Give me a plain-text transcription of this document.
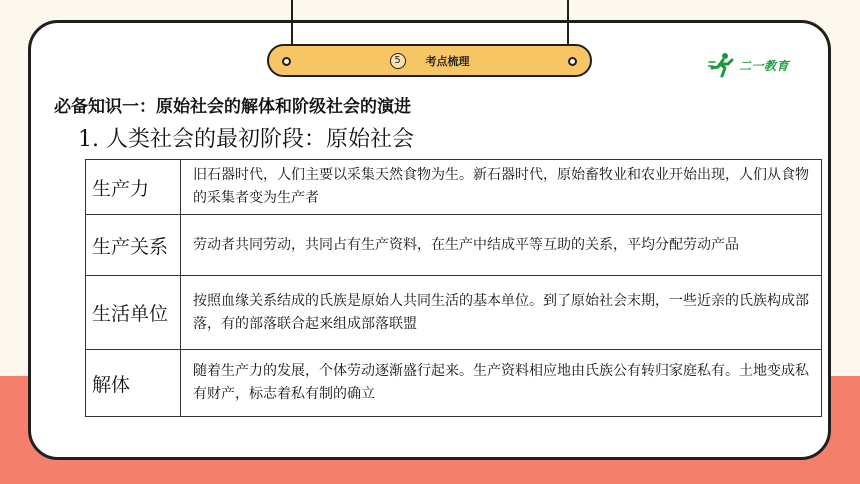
5	考点梳理	二一教育
必备知识一：原始社会的解体和阶级社会的演进
1. 人类社会的最初阶段：原始社会
生产力	旧石器时代，人们主要以采集天然食物为生。新石器时代，原始畜牧业和农业开始出现，人们从食物的采集者变为生产者
生产关系	劳动者共同劳动，共同占有生产资料，在生产中结成平等互助的关系，平均分配劳动产品
生活单位	按照血缘关系结成的氏族是原始人共同生活的基本单位。到了原始社会末期，一些近亲的氏族构成部落，有的部落联合起来组成部落联盟
解体	随着生产力的发展，个体劳动逐渐盛行起来。生产资料相应地由氏族公有转归家庭私有。土地变成私有财产，标志着私有制的确立
